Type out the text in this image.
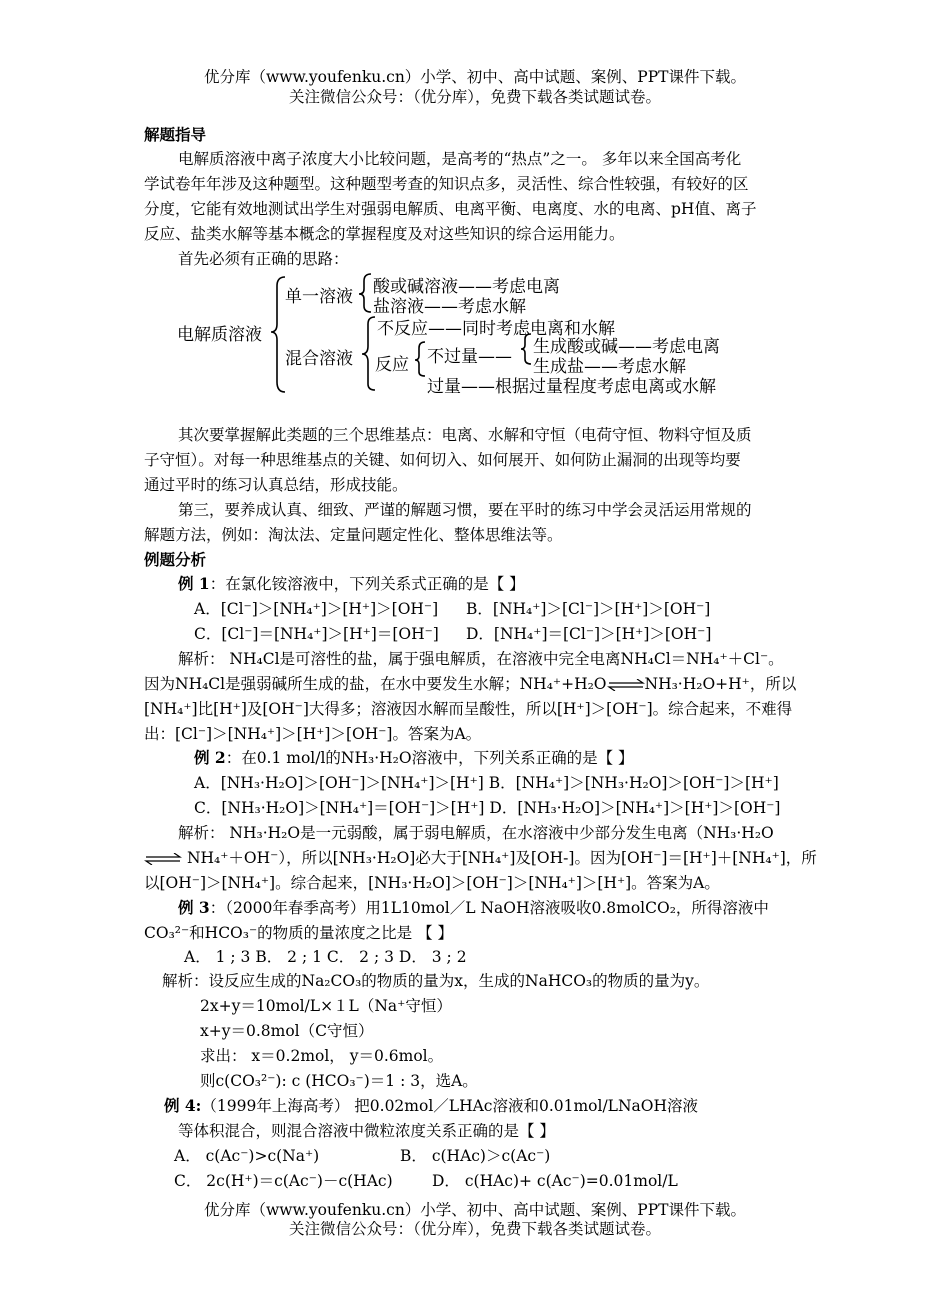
优分库（www.youfenku.cn）小学、初中、高中试题、案例、PPT课件下载。
关注微信公众号：（优分库），免费下载各类试题试卷。
解题指导
电解质溶液中离子浓度大小比较问题，是高考的“热点”之一。 多年以来全国高考化
学试卷年年涉及这种题型。这种题型考查的知识点多，灵活性、综合性较强，有较好的区
分度，它能有效地测试出学生对强弱电解质、电离平衡、电离度、水的电离、pH值、离子
反应、盐类水解等基本概念的掌握程度及对这些知识的综合运用能力。
首先必须有正确的思路：
电解质溶液
单一溶液 酸或碱溶液——考虑电离
盐溶液——考虑水解
混合溶液
不反应——同时考虑电离和水解
反应 不过量—— 生成酸或碱——考虑电离
生成盐——考虑水解
过量——根据过量程度考虑电离或水解
其次要掌握解此类题的三个思维基点：电离、水解和守恒（电荷守恒、物料守恒及质
子守恒）。对每一种思维基点的关键、如何切入、如何展开、如何防止漏洞的出现等均要
通过平时的练习认真总结，形成技能。
第三，要养成认真、细致、严谨的解题习惯，要在平时的练习中学会灵活运用常规的
解题方法，例如：淘汰法、定量问题定性化、整体思维法等。
例题分析
例 1：在氯化铵溶液中，下列关系式正确的是【 】
A．[Cl⁻]＞[NH₄⁺]＞[H⁺]＞[OH⁻] B．[NH₄⁺]＞[Cl⁻]＞[H⁺]＞[OH⁻]
C．[Cl⁻]＝[NH₄⁺]＞[H⁺]＝[OH⁻] D．[NH₄⁺]＝[Cl⁻]＞[H⁺]＞[OH⁻]
解析： NH₄Cl是可溶性的盐，属于强电解质，在溶液中完全电离NH₄Cl＝NH₄⁺＋Cl⁻。
因为NH₄Cl是强弱碱所生成的盐，在水中要发生水解；NH₄⁺+H₂O⇌NH₃·H₂O+H⁺，所以
[NH₄⁺]比[H⁺]及[OH⁻]大得多；溶液因水解而呈酸性，所以[H⁺]＞[OH⁻]。综合起来，不难得
出：[Cl⁻]＞[NH₄⁺]＞[H⁺]＞[OH⁻]。答案为A。
例 2：在0.1 mol/l的NH₃·H₂O溶液中，下列关系正确的是【 】
A．[NH₃·H₂O]＞[OH⁻]＞[NH₄⁺]＞[H⁺] B．[NH₄⁺]＞[NH₃·H₂O]＞[OH⁻]＞[H⁺]
C．[NH₃·H₂O]＞[NH₄⁺]＝[OH⁻]＞[H⁺] D．[NH₃·H₂O]＞[NH₄⁺]＞[H⁺]＞[OH⁻]
解析： NH₃·H₂O是一元弱酸，属于弱电解质，在水溶液中少部分发生电离（NH₃·H₂O
⇌ NH₄⁺＋OH⁻），所以[NH₃·H₂O]必大于[NH₄⁺]及[OH-]。因为[OH⁻]＝[H⁺]＋[NH₄⁺]，所
以[OH⁻]＞[NH₄⁺]。综合起来，[NH₃·H₂O]＞[OH⁻]＞[NH₄⁺]＞[H⁺]。答案为A。
例 3：（2000年春季高考）用1L10mol／L NaOH溶液吸收0.8molCO₂，所得溶液中
CO₃²⁻和HCO₃⁻的物质的量浓度之比是 【 】
A． 1 ; 3 B． 2 ; 1 C． 2 ; 3 D． 3 ; 2
解析：设反应生成的Na₂CO₃的物质的量为x，生成的NaHCO₃的物质的量为y。
2x+y＝10mol/L×１L（Na⁺守恒）
x+y＝0.8mol（C守恒）
求出： x＝0.2mol， y＝0.6mol。
则c(CO₃²⁻): c (HCO₃⁻)＝1 : 3，选A。
例 4:（1999年上海高考） 把0.02mol／LHAc溶液和0.01mol/LNaOH溶液
等体积混合，则混合溶液中微粒浓度关系正确的是【 】
A． c(Ac⁻)>c(Na⁺)	B． c(HAc)＞c(Ac⁻)
C． 2c(H⁺)＝c(Ac⁻)－c(HAc)	D． c(HAc)+ c(Ac⁻)=0.01mol/L
优分库（www.youfenku.cn）小学、初中、高中试题、案例、PPT课件下载。
关注微信公众号：（优分库），免费下载各类试题试卷。
